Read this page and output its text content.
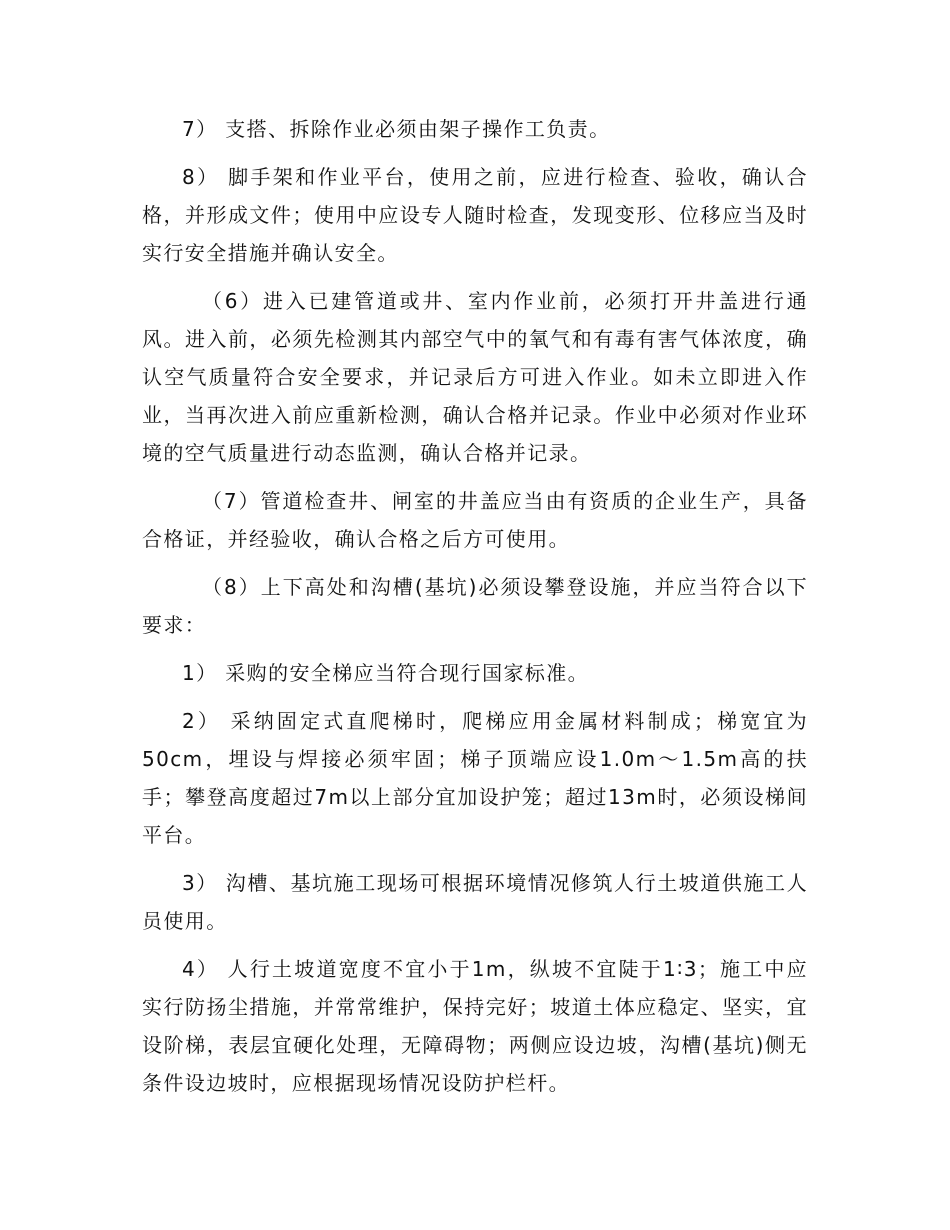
7） 支搭、拆除作业必须由架子操作工负责。

8） 脚手架和作业平台，使用之前，应进行检查、验收，确认合格，并形成文件；使用中应设专人随时检查，发现变形、位移应当及时实行安全措施并确认安全。

（6）进入已建管道或井、室内作业前，必须打开井盖进行通风。进入前，必须先检测其内部空气中的氧气和有毒有害气体浓度，确认空气质量符合安全要求，并记录后方可进入作业。如未立即进入作业，当再次进入前应重新检测，确认合格并记录。作业中必须对作业环境的空气质量进行动态监测，确认合格并记录。

（7）管道检查井、闸室的井盖应当由有资质的企业生产，具备合格证，并经验收，确认合格之后方可使用。

（8）上下高处和沟槽(基坑)必须设攀登设施，并应当符合以下要求：

1） 采购的安全梯应当符合现行国家标准。

2） 采纳固定式直爬梯时，爬梯应用金属材料制成；梯宽宜为50cm，埋设与焊接必须牢固；梯子顶端应设1.0m～1.5m高的扶手；攀登高度超过7m以上部分宜加设护笼；超过13m时，必须设梯间平台。

3） 沟槽、基坑施工现场可根据环境情况修筑人行土坡道供施工人员使用。

4） 人行土坡道宽度不宜小于1m，纵坡不宜陡于1∶3；施工中应实行防扬尘措施，并常常维护，保持完好；坡道土体应稳定、坚实，宜设阶梯，表层宜硬化处理，无障碍物；两侧应设边坡，沟槽(基坑)侧无条件设边坡时，应根据现场情况设防护栏杆。
